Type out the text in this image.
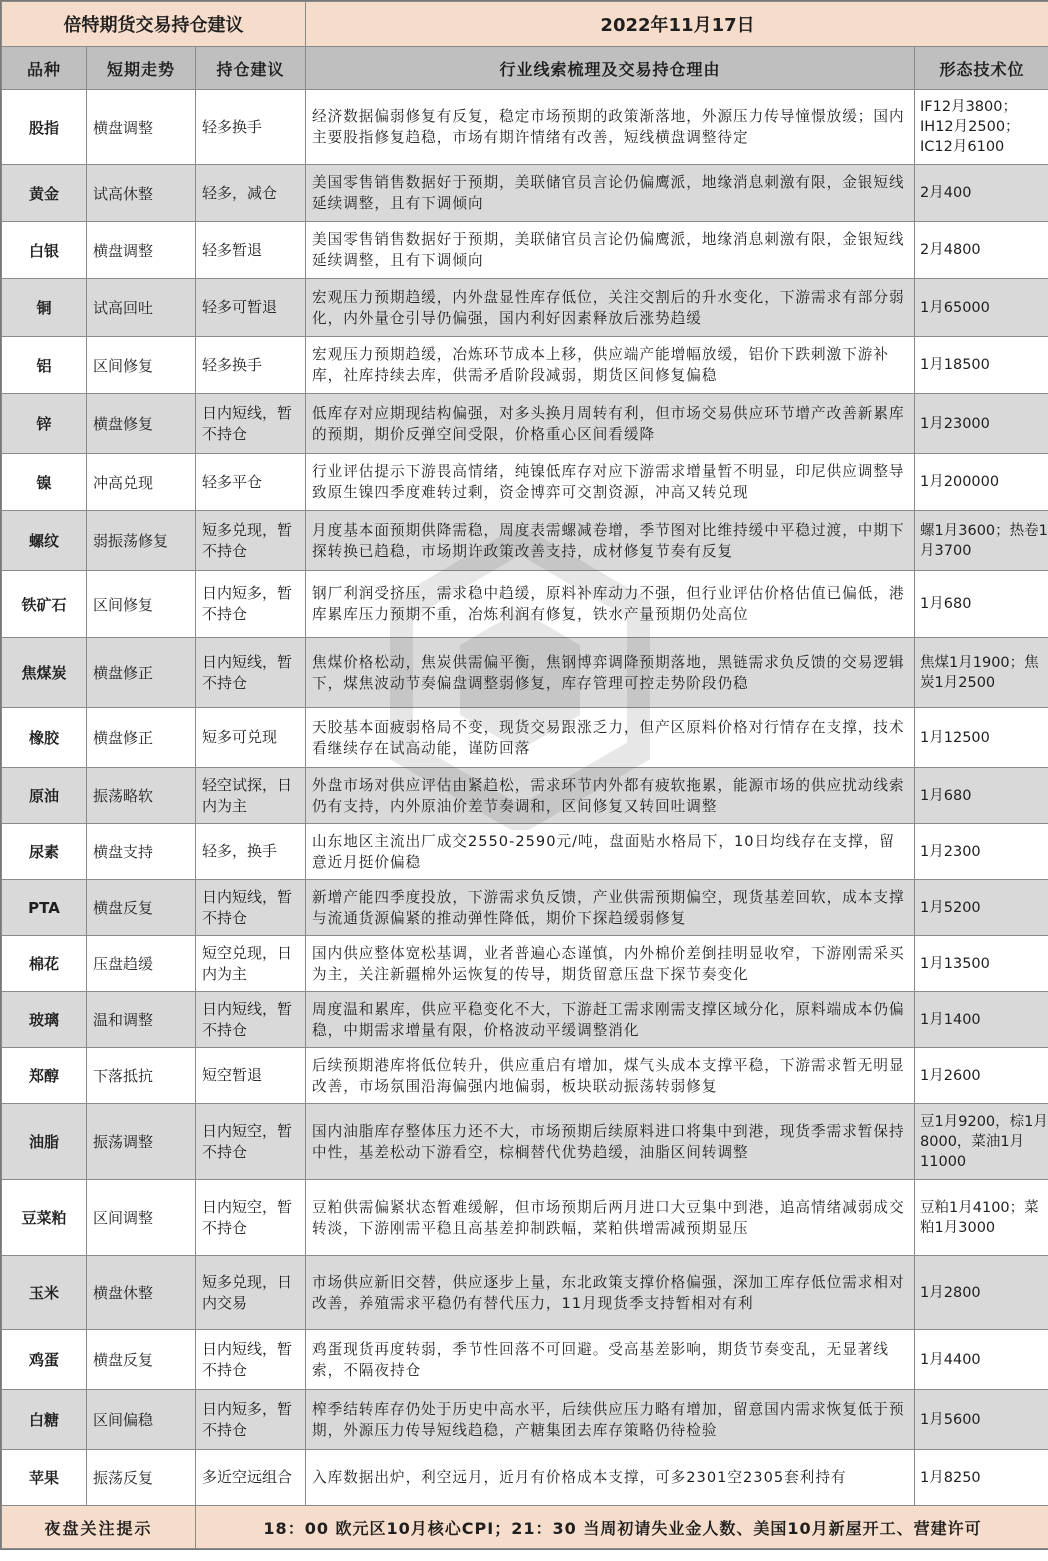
倍特期货交易持仓建议			2022年11月17日	
品种	短期走势	持仓建议	行业线索梳理及交易持仓理由	形态技术位
股指	横盘调整	轻多换手	经济数据偏弱修复有反复，稳定市场预期的政策渐落地，外源压力传导憧憬放缓；国内主要股指修复趋稳，市场有期许情绪有改善，短线横盘调整待定	IF12月3800；IH12月2500；IC12月6100
黄金	试高休整	轻多，减仓	美国零售销售数据好于预期，美联储官员言论仍偏鹰派，地缘消息刺激有限，金银短线延续调整，且有下调倾向	2月400
白银	横盘调整	轻多暂退	美国零售销售数据好于预期，美联储官员言论仍偏鹰派，地缘消息刺激有限，金银短线延续调整，且有下调倾向	2月4800
铜	试高回吐	轻多可暂退	宏观压力预期趋缓，内外盘显性库存低位，关注交割后的升水变化，下游需求有部分弱化，内外量仓引导仍偏强，国内利好因素释放后涨势趋缓	1月65000
铝	区间修复	轻多换手	宏观压力预期趋缓，冶炼环节成本上移，供应端产能增幅放缓，铝价下跌刺激下游补库，社库持续去库，供需矛盾阶段减弱，期货区间修复偏稳	1月18500
锌	横盘修复	日内短线，暂不持仓	低库存对应期现结构偏强，对多头换月周转有利，但市场交易供应环节增产改善新累库的预期，期价反弹空间受限，价格重心区间看缓降	1月23000
镍	冲高兑现	轻多平仓	行业评估提示下游畏高情绪，纯镍低库存对应下游需求增量暂不明显，印尼供应调整导致原生镍四季度难转过剩，资金博弈可交割资源，冲高又转兑现	1月200000
螺纹	弱振荡修复	短多兑现，暂不持仓	月度基本面预期供降需稳，周度表需螺减卷增，季节图对比维持缓中平稳过渡，中期下探转换已趋稳，市场期许政策改善支持，成材修复节奏有反复	螺1月3600；热卷1月3700
铁矿石	区间修复	日内短多，暂不持仓	钢厂利润受挤压，需求稳中趋缓，原料补库动力不强，但行业评估价格估值已偏低，港库累库压力预期不重，冶炼利润有修复，铁水产量预期仍处高位	1月680
焦煤炭	横盘修正	日内短线，暂不持仓	焦煤价格松动，焦炭供需偏平衡，焦钢博弈调降预期落地，黑链需求负反馈的交易逻辑下，煤焦波动节奏偏盘调整弱修复，库存管理可控走势阶段仍稳	焦煤1月1900；焦炭1月2500
橡胶	横盘修正	短多可兑现	天胶基本面疲弱格局不变，现货交易跟涨乏力，但产区原料价格对行情存在支撑，技术看继续存在试高动能，谨防回落	1月12500
原油	振荡略软	轻空试探，日内为主	外盘市场对供应评估由紧趋松，需求环节内外都有疲软拖累，能源市场的供应扰动线索仍有支持，内外原油价差节奏调和，区间修复又转回吐调整	1月680
尿素	横盘支持	轻多，换手	山东地区主流出厂成交2550-2590元/吨，盘面贴水格局下，10日均线存在支撑，留意近月挺价偏稳	1月2300
PTA	横盘反复	日内短线，暂不持仓	新增产能四季度投放，下游需求负反馈，产业供需预期偏空，现货基差回软，成本支撑与流通货源偏紧的推动弹性降低，期价下探趋缓弱修复	1月5200
棉花	压盘趋缓	短空兑现，日内为主	国内供应整体宽松基调，业者普遍心态谨慎，内外棉价差倒挂明显收窄，下游刚需采买为主，关注新疆棉外运恢复的传导，期货留意压盘下探节奏变化	1月13500
玻璃	温和调整	日内短线，暂不持仓	周度温和累库，供应平稳变化不大，下游赶工需求刚需支撑区域分化，原料端成本仍偏稳，中期需求增量有限，价格波动平缓调整消化	1月1400
郑醇	下落抵抗	短空暂退	后续预期港库将低位转升，供应重启有增加，煤气头成本支撑平稳，下游需求暂无明显改善，市场氛围沿海偏强内地偏弱，板块联动振荡转弱修复	1月2600
油脂	振荡调整	日内短空，暂不持仓	国内油脂库存整体压力还不大，市场预期后续原料进口将集中到港，现货季需求暂保持中性，基差松动下游看空，棕榈替代优势趋缓，油脂区间转调整	豆1月9200，棕1月8000，菜油1月11000
豆菜粕	区间调整	日内短空，暂不持仓	豆粕供需偏紧状态暂难缓解，但市场预期后两月进口大豆集中到港，追高情绪减弱成交转淡，下游刚需平稳且高基差抑制跌幅，菜粕供增需减预期显压	豆粕1月4100；菜粕1月3000
玉米	横盘休整	短多兑现，日内交易	市场供应新旧交替，供应逐步上量，东北政策支撑价格偏强，深加工库存低位需求相对改善，养殖需求平稳仍有替代压力，11月现货季支持暂相对有利	1月2800
鸡蛋	横盘反复	日内短线，暂不持仓	鸡蛋现货再度转弱，季节性回落不可回避。受高基差影响，期货节奏变乱，无显著线索，不隔夜持仓	1月4400
白糖	区间偏稳	日内短多，暂不持仓	榨季结转库存仍处于历史中高水平，后续供应压力略有增加，留意国内需求恢复低于预期，外源压力传导短线趋稳，产糖集团去库存策略仍待检验	1月5600
苹果	振荡反复	多近空远组合	入库数据出炉，利空远月，近月有价格成本支撑，可多2301空2305套利持有	1月8250
夜盘关注提示		18：00 欧元区10月核心CPI；21：30 当周初请失业金人数、美国10月新屋开工、营建许可		
